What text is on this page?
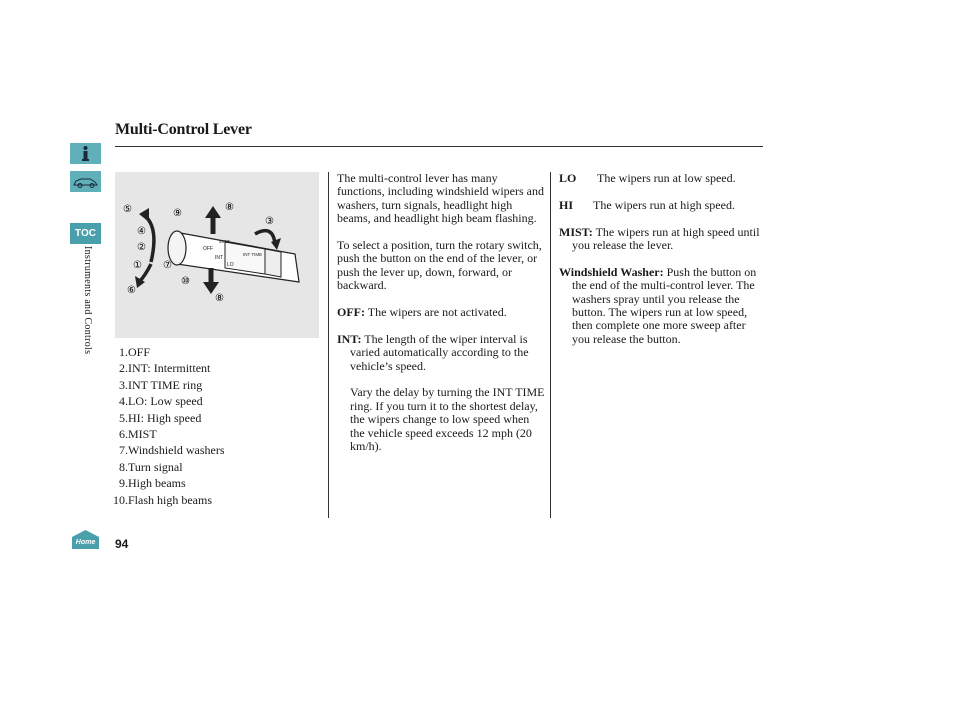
TOC
Instruments and Controls
Multi-Control Lever
OFF
INT
LO
MIST
INT TIME
⑤	⑨
⑧
③
④
②
① ⑦
⑩
⑥
⑧
1.OFF
2.INT: Intermittent
3.INT TIME ring
4.LO: Low speed
5.HI: High speed
6.MIST
7.Windshield washers
8.Turn signal
9.High beams
10.Flash high beams

The multi-control lever has many functions, including windshield wipers and washers, turn signals, headlight high beams, and headlight high beam flashing.

To select a position, turn the rotary switch, push the button on the end of the lever, or push the lever up, down, forward, or backward.

OFF: The wipers are not activated.

INT: The length of the wiper interval is varied automatically according to the vehicle’s speed.

Vary the delay by turning the INT TIME ring. If you turn it to the shortest delay, the wipers change to low speed when the vehicle speed exceeds 12 mph (20 km/h).

LO The wipers run at low speed.

HI The wipers run at high speed.

MIST: The wipers run at high speed until you release the lever.

Windshield Washer: Push the button on the end of the multi-control lever. The washers spray until you release the button. The wipers run at low speed, then complete one more sweep after you release the button.

Home 94
